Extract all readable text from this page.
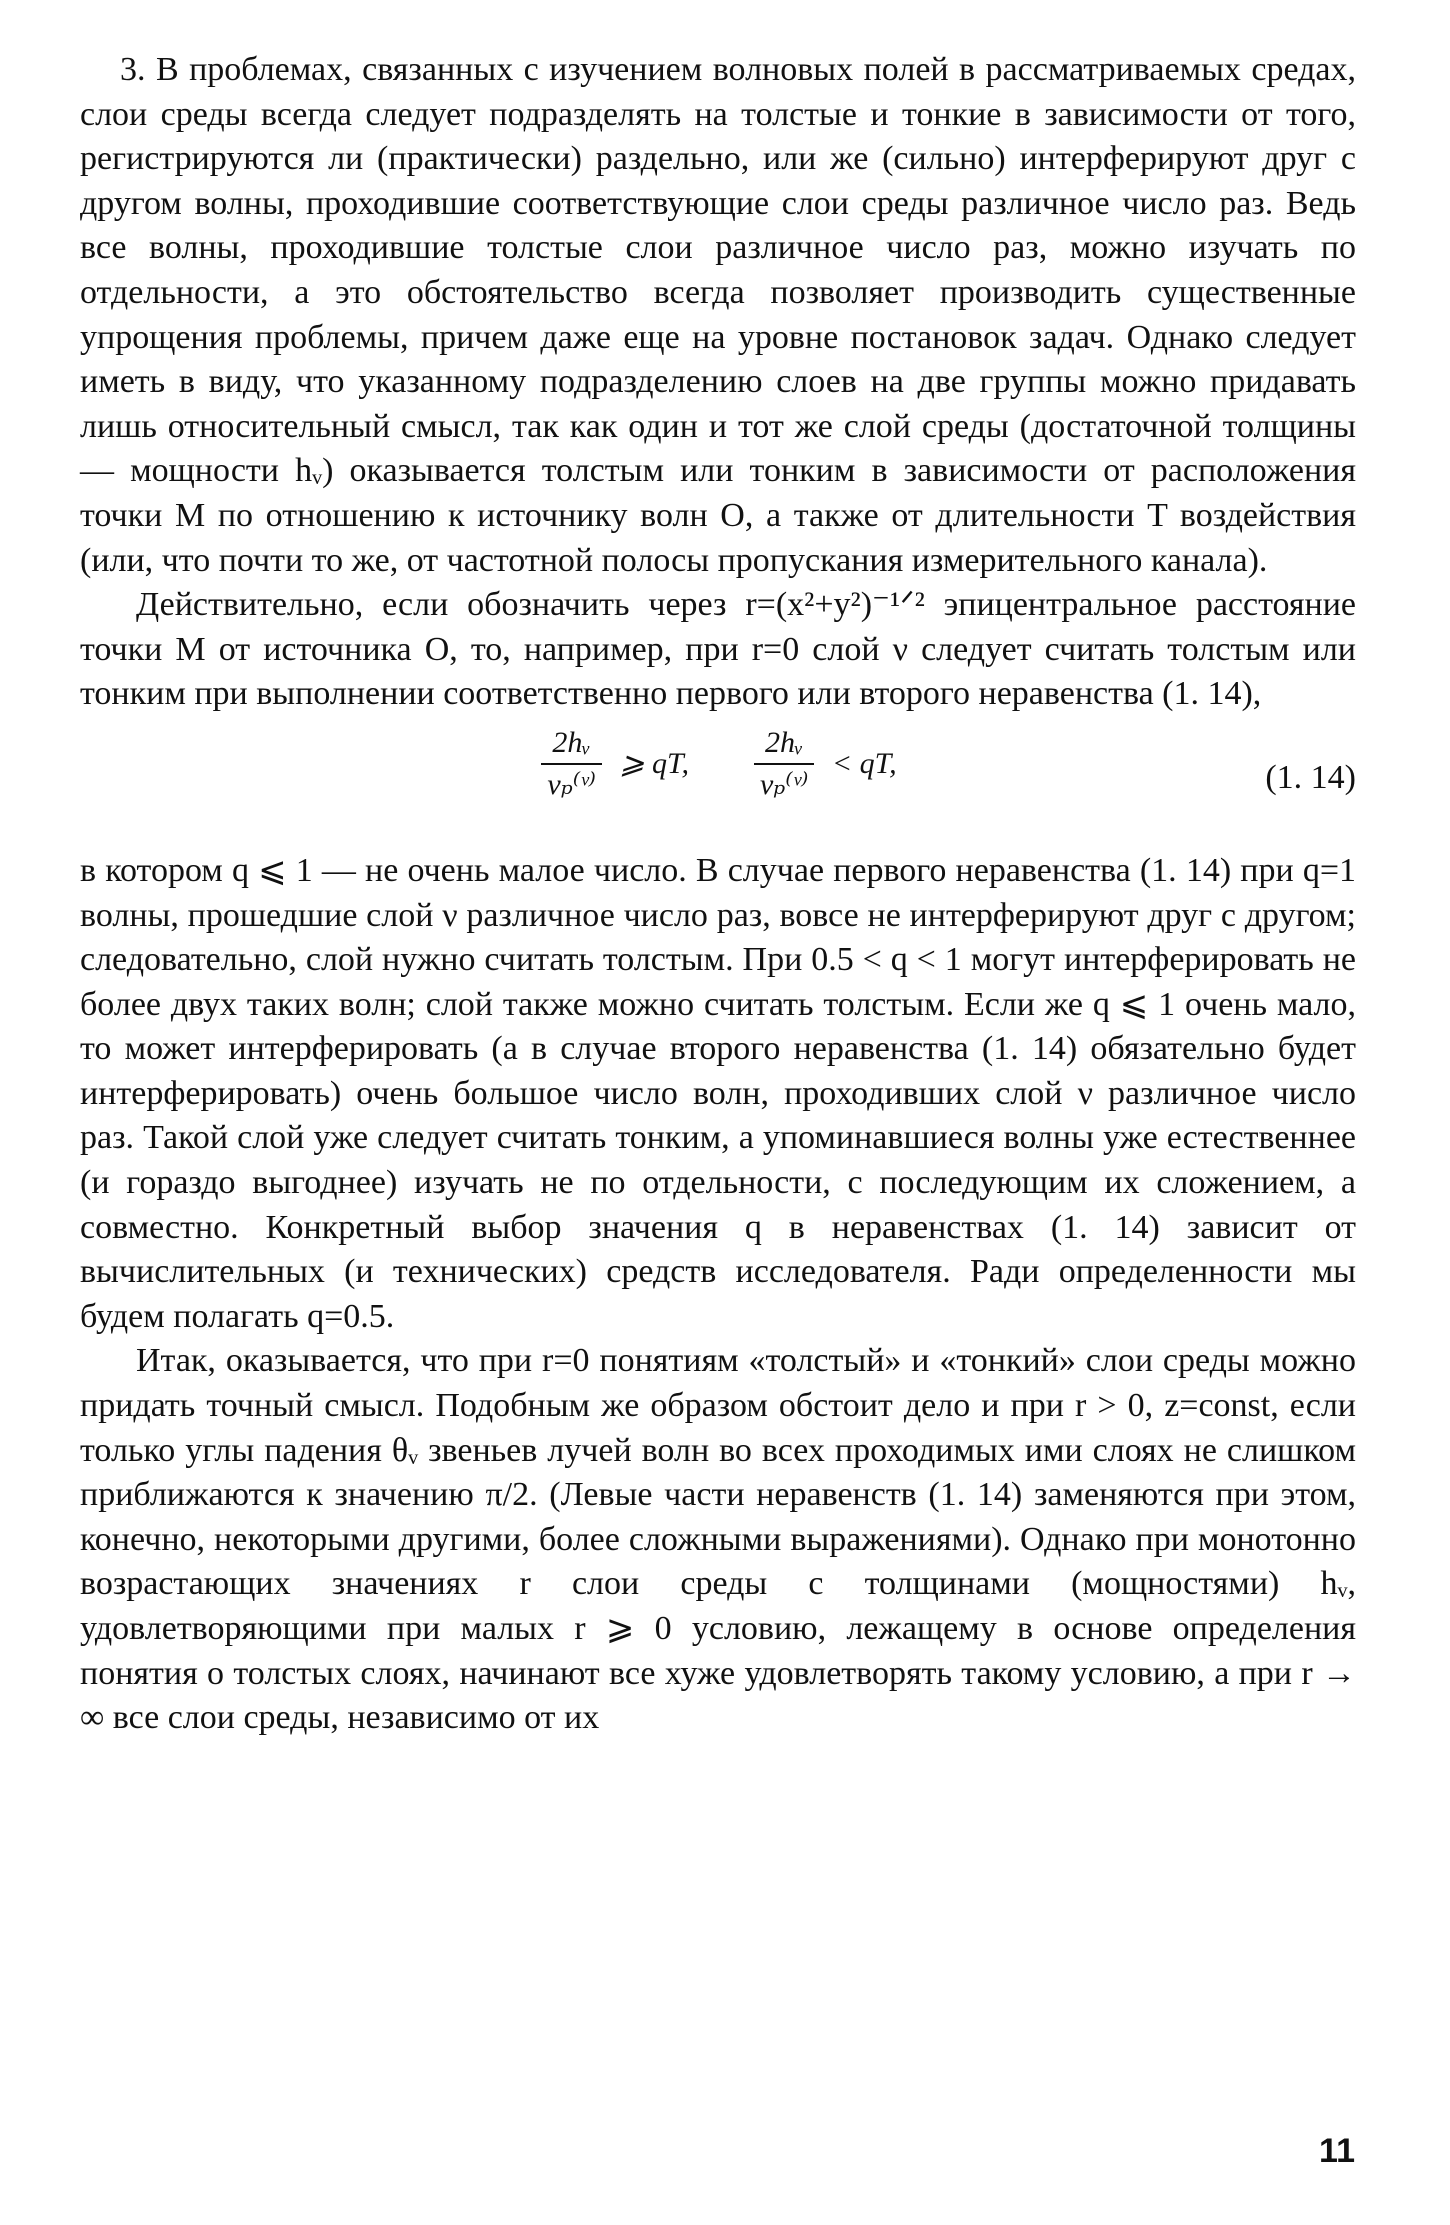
3. В проблемах, связанных с изучением волновых полей в рассматриваемых средах, слои среды всегда следует подразделять на толстые и тонкие в зависимости от того, регистрируются ли (практически) раздельно, или же (сильно) интерферируют друг с другом волны, проходившие соответствующие слои среды различное число раз. Ведь все волны, проходившие толстые слои различное число раз, можно изучать по отдельности, а это обстоятельство всегда позволяет производить существенные упрощения проблемы, причем даже еще на уровне постановок задач. Однако следует иметь в виду, что указанному подразделению слоев на две группы можно придавать лишь относительный смысл, так как один и тот же слой среды (достаточной толщины — мощности hᵥ) оказывается толстым или тонким в зависимости от расположения точки M по отношению к источнику волн O, а также от длительности T воздействия (или, что почти то же, от частотной полосы пропускания измерительного канала).

Действительно, если обозначить через r=(x²+y²)⁻¹ᐟ² эпицентральное расстояние точки M от источника O, то, например, при r=0 слой ν следует считать толстым или тонким при выполнении соответственно первого или второго неравенства (1. 14),

$\frac{\text{2hᵥ}}{\text{vₚ⁽ᵛ⁾}}$ ⩾ qT, $\frac{\text{2hᵥ}}{\text{vₚ⁽ᵛ⁾}}$ < qT,	(1. 14)

в котором q ⩽ 1 — не очень малое число. В случае первого неравенства (1. 14) при q=1 волны, прошедшие слой ν различное число раз, вовсе не интерферируют друг с другом; следовательно, слой нужно считать толстым. При 0.5 < q < 1 могут интерферировать не более двух таких волн; слой также можно считать толстым. Если же q ⩽ 1 очень мало, то может интерферировать (а в случае второго неравенства (1. 14) обязательно будет интерферировать) очень большое число волн, проходивших слой ν различное число раз. Такой слой уже следует считать тонким, а упоминавшиеся волны уже естественнее (и гораздо выгоднее) изучать не по отдельности, с последующим их сложением, а совместно. Конкретный выбор значения q в неравенствах (1. 14) зависит от вычислительных (и технических) средств исследователя. Ради определенности мы будем полагать q=0.5.

Итак, оказывается, что при r=0 понятиям «толстый» и «тонкий» слои среды можно придать точный смысл. Подобным же образом обстоит дело и при r > 0, z=const, если только углы падения θᵥ звеньев лучей волн во всех проходимых ими слоях не слишком приближаются к значению π/2. (Левые части неравенств (1. 14) заменяются при этом, конечно, некоторыми другими, более сложными выражениями). Однако при монотонно возрастающих значениях r слои среды с толщинами (мощностями) hᵥ, удовлетворяющими при малых r ⩾ 0 условию, лежащему в основе определения понятия о толстых слоях, начинают все хуже удовлетворять такому условию, а при r → ∞ все слои среды, независимо от их

11
